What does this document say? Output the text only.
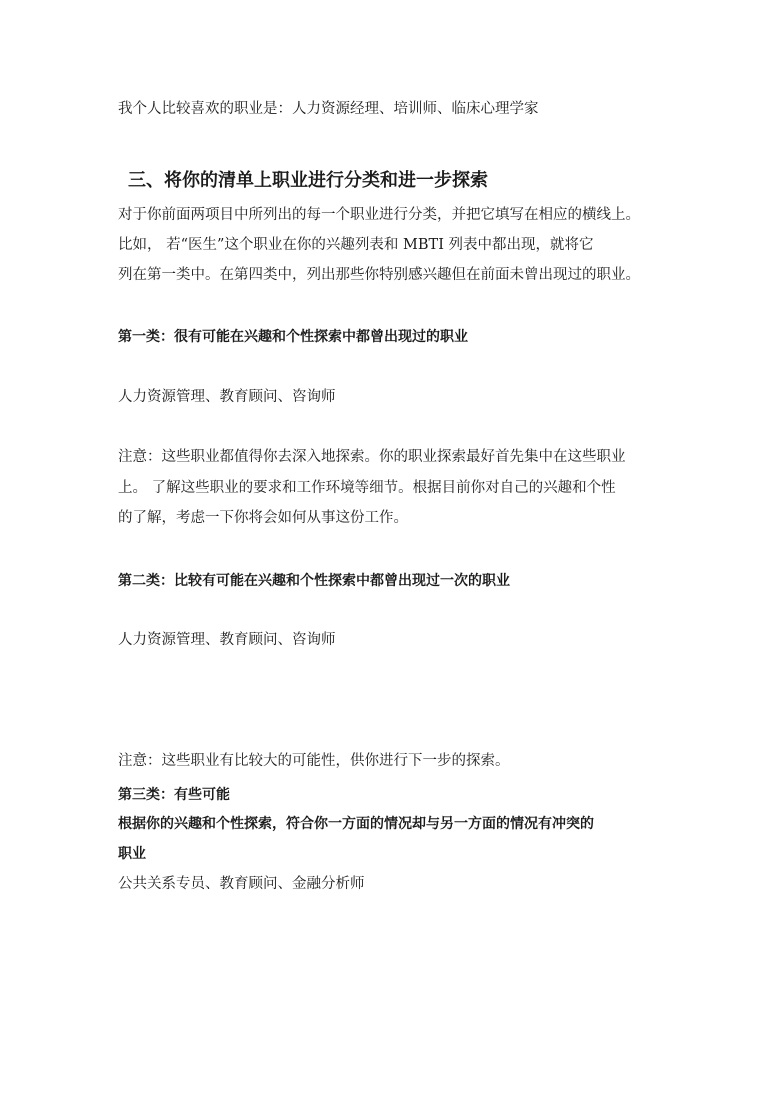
我个人比较喜欢的职业是：人力资源经理、培训师、临床心理学家
三、将你的清单上职业进行分类和进一步探索
对于你前面两项目中所列出的每一个职业进行分类，并把它填写在相应的横线上。
比如， 若“医生”这个职业在你的兴趣列表和 MBTI 列表中都出现，就将它
列在第一类中。在第四类中，列出那些你特别感兴趣但在前面未曾出现过的职业。
第一类：很有可能在兴趣和个性探索中都曾出现过的职业
人力资源管理、教育顾问、咨询师
注意：这些职业都值得你去深入地探索。你的职业探索最好首先集中在这些职业
上。 了解这些职业的要求和工作环境等细节。根据目前你对自己的兴趣和个性
的了解，考虑一下你将会如何从事这份工作。
第二类：比较有可能在兴趣和个性探索中都曾出现过一次的职业
人力资源管理、教育顾问、咨询师
注意：这些职业有比较大的可能性，供你进行下一步的探索。
第三类：有些可能
根据你的兴趣和个性探索，符合你一方面的情况却与另一方面的情况有冲突的
职业
公共关系专员、教育顾问、金融分析师
